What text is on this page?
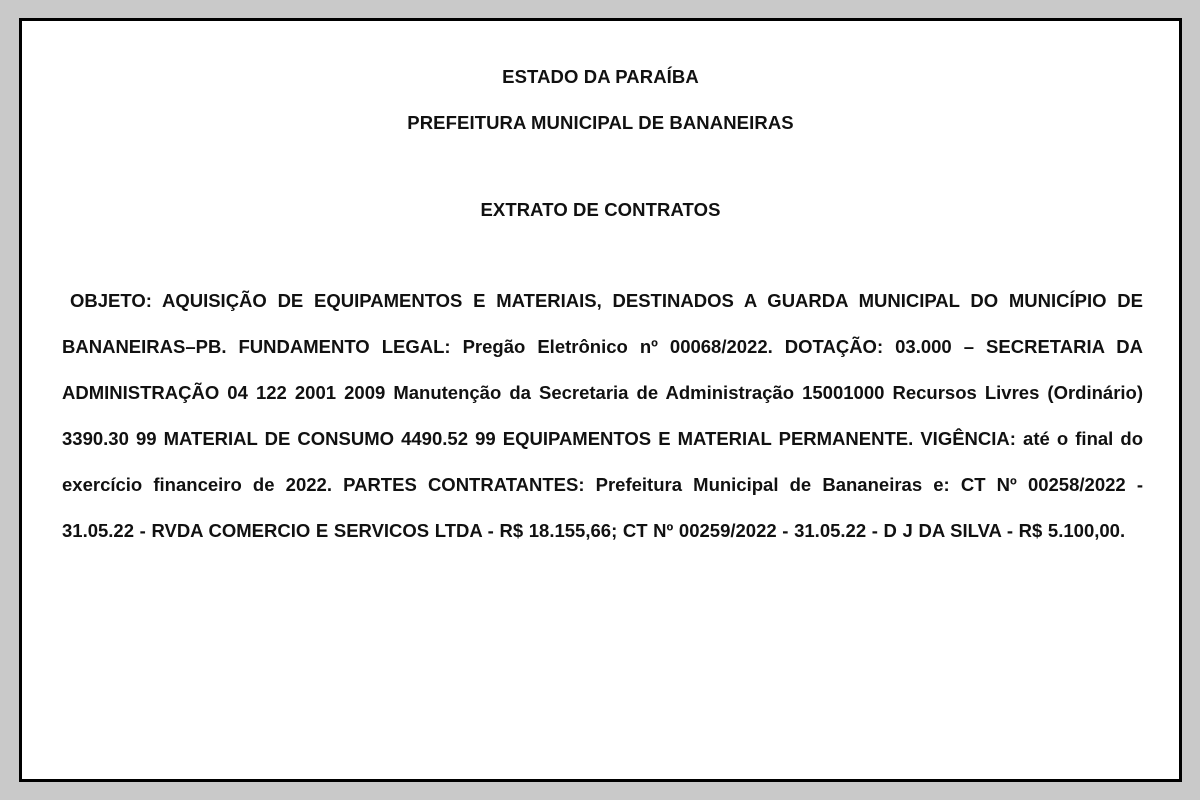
ESTADO DA PARAÍBA
PREFEITURA MUNICIPAL DE BANANEIRAS
EXTRATO DE CONTRATOS

OBJETO: AQUISIÇÃO DE EQUIPAMENTOS E MATERIAIS, DESTINADOS A GUARDA MUNICIPAL DO MUNICÍPIO DE BANANEIRAS–PB. FUNDAMENTO LEGAL: Pregão Eletrônico nº 00068/2022. DOTAÇÃO: 03.000 – SECRETARIA DA ADMINISTRAÇÃO 04 122 2001 2009 Manutenção da Secretaria de Administração 15001000 Recursos Livres (Ordinário) 3390.30 99 MATERIAL DE CONSUMO 4490.52 99 EQUIPAMENTOS E MATERIAL PERMANENTE. VIGÊNCIA: até o final do exercício financeiro de 2022. PARTES CONTRATANTES: Prefeitura Municipal de Bananeiras e: CT Nº 00258/2022 - 31.05.22 - RVDA COMERCIO E SERVICOS LTDA - R$ 18.155,66; CT Nº 00259/2022 - 31.05.22 - D J DA SILVA - R$ 5.100,00.
